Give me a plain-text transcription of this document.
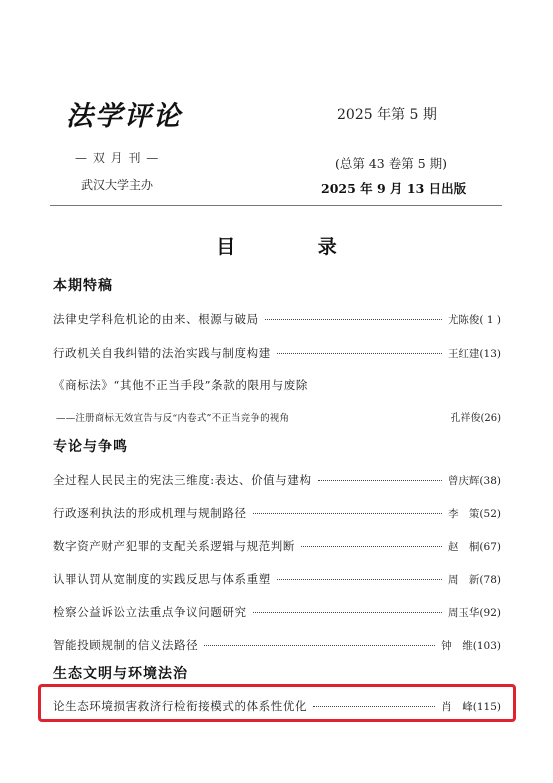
法学评论	2025 年第 5 期
— 双 月 刊 —	(总第 43 卷第 5 期)
武汉大学主办	2025 年 9 月 13 日出版
目 录
本期特稿
法律史学科危机论的由来、根源与破局	尤陈俊( 1 )
行政机关自我纠错的法治实践与制度构建	王红建(13)
《商标法》“其他不正当手段”条款的限用与废除
——注册商标无效宣告与反“内卷式”不正当竞争的视角	孔祥俊(26)
专论与争鸣
全过程人民民主的宪法三维度:表达、价值与建构	曾庆辉(38)
行政逐利执法的形成机理与规制路径	李　策(52)
数字资产财产犯罪的支配关系逻辑与规范判断	赵　桐(67)
认罪认罚从宽制度的实践反思与体系重塑	周　新(78)
检察公益诉讼立法重点争议问题研究	周玉华(92)
智能投顾规制的信义法路径	钟　维(103)
生态文明与环境法治
论生态环境损害救济行检衔接模式的体系性优化	肖　峰(115)
